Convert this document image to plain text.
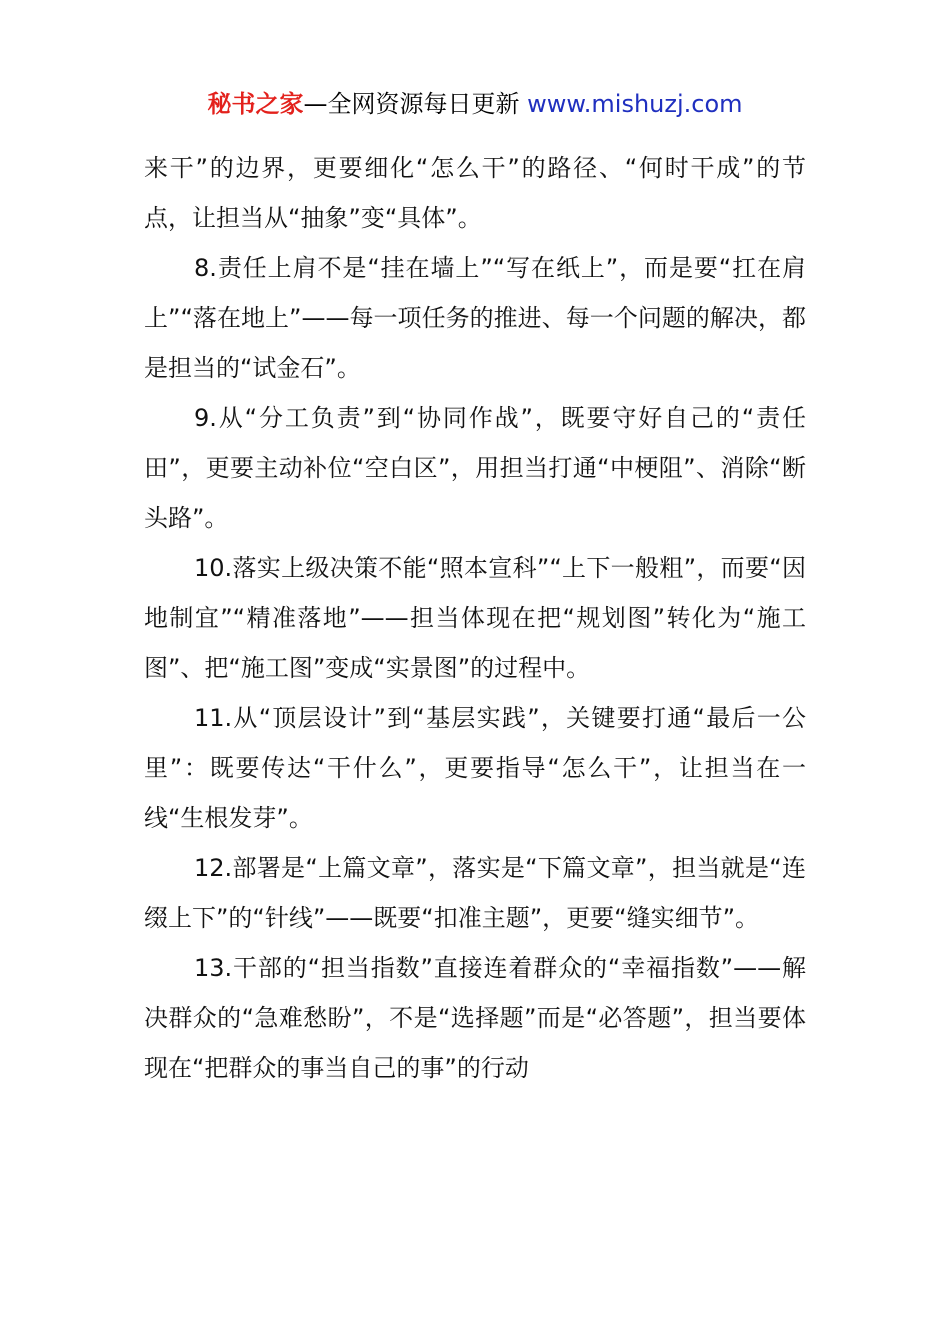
秘书之家—全网资源每日更新 www.mishuzj.com

来干”的边界，更要细化“怎么干”的路径、“何时干成”的节点，让担当从“抽象”变“具体”。

8.责任上肩不是“挂在墙上”“写在纸上”，而是要“扛在肩上”“落在地上”——每一项任务的推进、每一个问题的解决，都是担当的“试金石”。

9.从“分工负责”到“协同作战”，既要守好自己的“责任田”，更要主动补位“空白区”，用担当打通“中梗阻”、消除“断头路”。

10.落实上级决策不能“照本宣科”“上下一般粗”，而要“因地制宜”“精准落地”——担当体现在把“规划图”转化为“施工图”、把“施工图”变成“实景图”的过程中。

11.从“顶层设计”到“基层实践”，关键要打通“最后一公里”：既要传达“干什么”，更要指导“怎么干”，让担当在一线“生根发芽”。

12.部署是“上篇文章”，落实是“下篇文章”，担当就是“连缀上下”的“针线”——既要“扣准主题”，更要“缝实细节”。

13.干部的“担当指数”直接连着群众的“幸福指数”——解决群众的“急难愁盼”，不是“选择题”而是“必答题”，担当要体现在“把群众的事当自己的事”的行动
